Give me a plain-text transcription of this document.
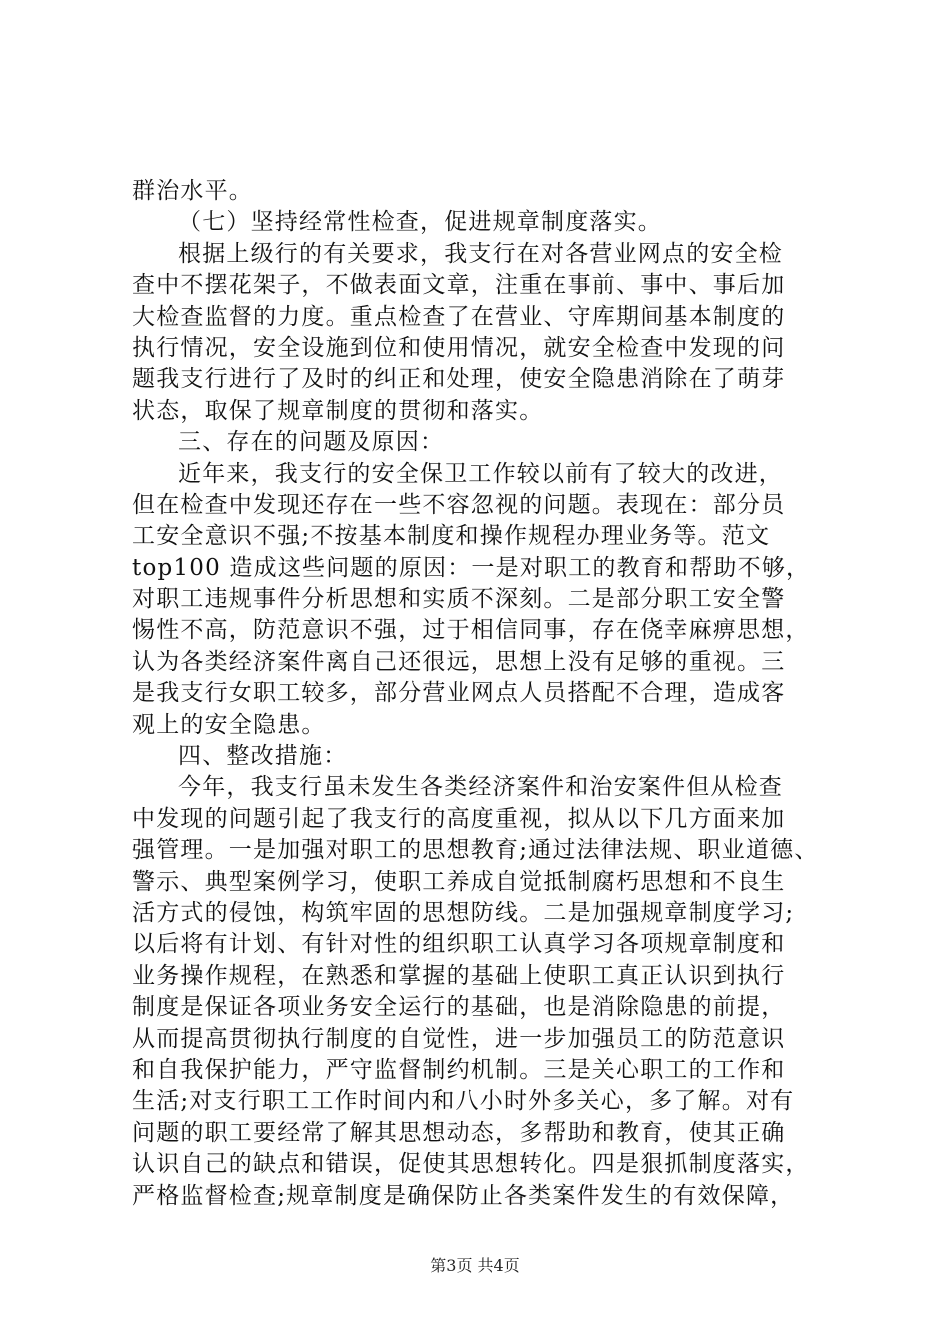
群治水平。
（七）坚持经常性检查，促进规章制度落实。
根据上级行的有关要求，我支行在对各营业网点的安全检
查中不摆花架子，不做表面文章，注重在事前、事中、事后加
大检查监督的力度。重点检查了在营业、守库期间基本制度的
执行情况，安全设施到位和使用情况，就安全检查中发现的问
题我支行进行了及时的纠正和处理，使安全隐患消除在了萌芽
状态，取保了规章制度的贯彻和落实。
三、存在的问题及原因：
近年来，我支行的安全保卫工作较以前有了较大的改进，
但在检查中发现还存在一些不容忽视的问题。表现在：部分员
工安全意识不强;不按基本制度和操作规程办理业务等。范文
top100 造成这些问题的原因：一是对职工的教育和帮助不够，
对职工违规事件分析思想和实质不深刻。二是部分职工安全警
惕性不高，防范意识不强，过于相信同事，存在侥幸麻痹思想，
认为各类经济案件离自己还很远，思想上没有足够的重视。三
是我支行女职工较多，部分营业网点人员搭配不合理，造成客
观上的安全隐患。
四、整改措施：
今年，我支行虽未发生各类经济案件和治安案件但从检查
中发现的问题引起了我支行的高度重视，拟从以下几方面来加
强管理。一是加强对职工的思想教育;通过法律法规、职业道德、
警示、典型案例学习，使职工养成自觉抵制腐朽思想和不良生
活方式的侵蚀，构筑牢固的思想防线。二是加强规章制度学习;
以后将有计划、有针对性的组织职工认真学习各项规章制度和
业务操作规程，在熟悉和掌握的基础上使职工真正认识到执行
制度是保证各项业务安全运行的基础，也是消除隐患的前提，
从而提高贯彻执行制度的自觉性，进一步加强员工的防范意识
和自我保护能力，严守监督制约机制。三是关心职工的工作和
生活;对支行职工工作时间内和八小时外多关心，多了解。对有
问题的职工要经常了解其思想动态，多帮助和教育，使其正确
认识自己的缺点和错误，促使其思想转化。四是狠抓制度落实，
严格监督检查;规章制度是确保防止各类案件发生的有效保障，
第3页 共4页
